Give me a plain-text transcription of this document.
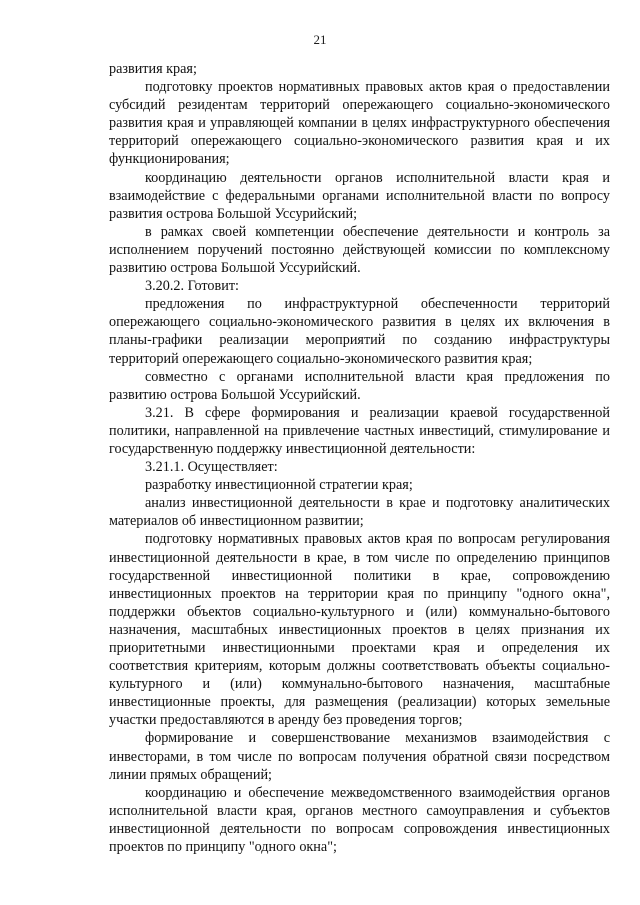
21

развития края;

подготовку проектов нормативных правовых актов края о предоставлении субсидий резидентам территорий опережающего социально-экономического развития края и управляющей компании в целях инфраструктурного обеспечения территорий опережающего социально-экономического развития края и их функционирования;

координацию деятельности органов исполнительной власти края и взаимодействие с федеральными органами исполнительной власти по вопросу развития острова Большой Уссурийский;

в рамках своей компетенции обеспечение деятельности и контроль за исполнением поручений постоянно действующей комиссии по комплексному развитию острова Большой Уссурийский.

3.20.2. Готовит:

предложения по инфраструктурной обеспеченности территорий опережающего социально-экономического развития в целях их включения в планы-графики реализации мероприятий по созданию инфраструктуры территорий опережающего социально-экономического развития края;

совместно с органами исполнительной власти края предложения по развитию острова Большой Уссурийский.

3.21. В сфере формирования и реализации краевой государственной политики, направленной на привлечение частных инвестиций, стимулирование и государственную поддержку инвестиционной деятельности:

3.21.1. Осуществляет:

разработку инвестиционной стратегии края;

анализ инвестиционной деятельности в крае и подготовку аналитических материалов об инвестиционном развитии;

подготовку нормативных правовых актов края по вопросам регулирования инвестиционной деятельности в крае, в том числе по определению принципов государственной инвестиционной политики в крае, сопровождению инвестиционных проектов на территории края по принципу "одного окна", поддержки объектов социально-культурного и (или) коммунально-бытового назначения, масштабных инвестиционных проектов в целях признания их приоритетными инвестиционными проектами края и определения их соответствия критериям, которым должны соответствовать объекты социально-культурного и (или) коммунально-бытового назначения, масштабные инвестиционные проекты, для размещения (реализации) которых земельные участки предоставляются в аренду без проведения торгов;

формирование и совершенствование механизмов взаимодействия с инвесторами, в том числе по вопросам получения обратной связи посредством линии прямых обращений;

координацию и обеспечение межведомственного взаимодействия органов исполнительной власти края, органов местного самоуправления и субъектов инвестиционной деятельности по вопросам сопровождения инвестиционных проектов по принципу "одного окна";
